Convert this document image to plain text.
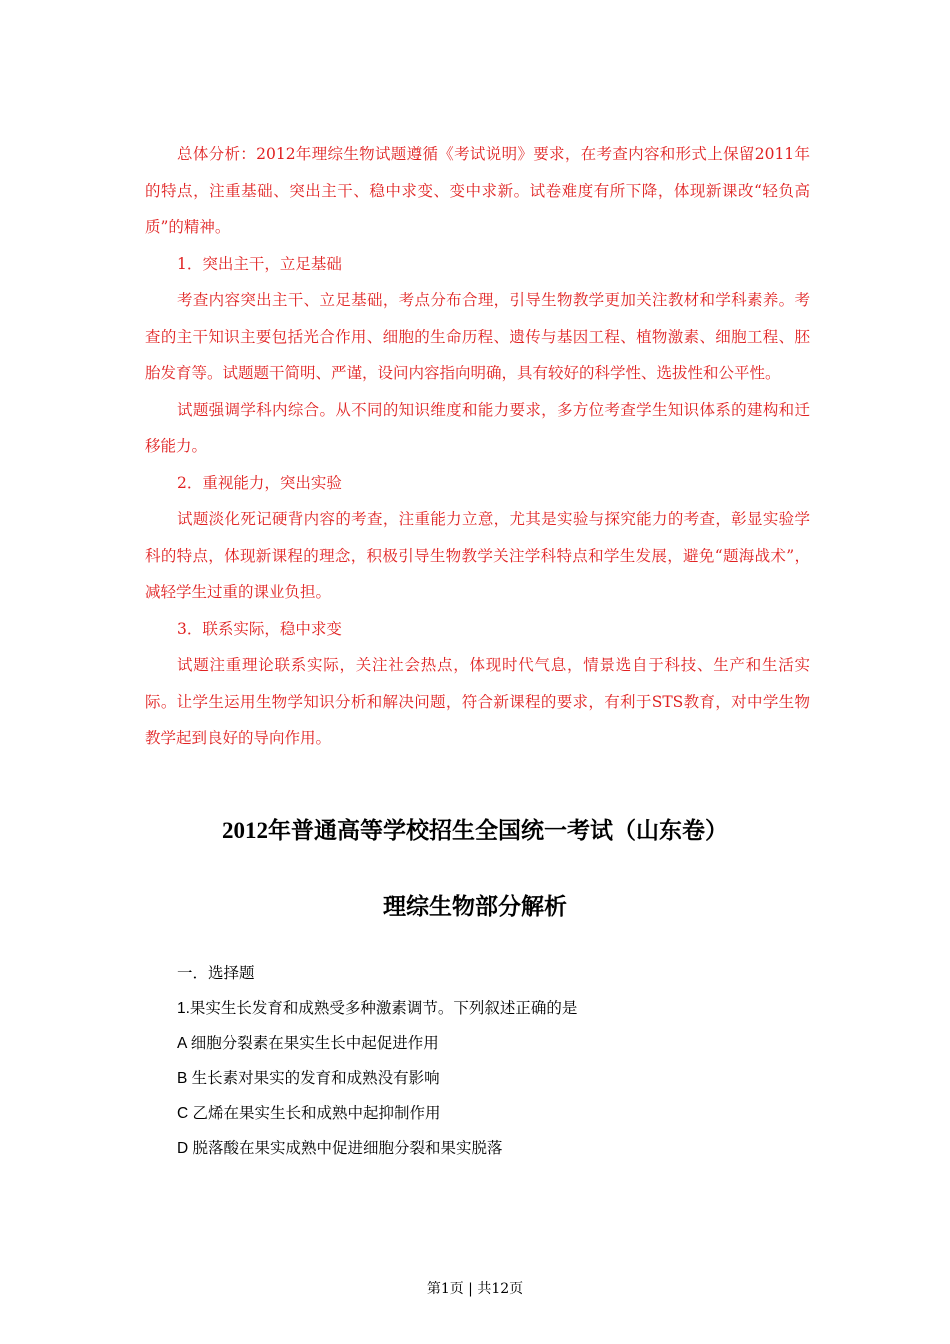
总体分析：2012年理综生物试题遵循《考试说明》要求，在考查内容和形式上保留2011年的特点，注重基础、突出主干、稳中求变、变中求新。试卷难度有所下降，体现新课改“轻负高质”的精神。

1．突出主干，立足基础

考查内容突出主干、立足基础，考点分布合理，引导生物教学更加关注教材和学科素养。考查的主干知识主要包括光合作用、细胞的生命历程、遗传与基因工程、植物激素、细胞工程、胚胎发育等。试题题干简明、严谨，设问内容指向明确，具有较好的科学性、选拔性和公平性。

试题强调学科内综合。从不同的知识维度和能力要求，多方位考查学生知识体系的建构和迁移能力。

2．重视能力，突出实验

试题淡化死记硬背内容的考查，注重能力立意，尤其是实验与探究能力的考查，彰显实验学科的特点，体现新课程的理念，积极引导生物教学关注学科特点和学生发展，避免“题海战术”，减轻学生过重的课业负担。

3．联系实际，稳中求变

试题注重理论联系实际，关注社会热点，体现时代气息，情景选自于科技、生产和生活实际。让学生运用生物学知识分析和解决问题，符合新课程的要求，有利于STS教育，对中学生物教学起到良好的导向作用。

2012年普通高等学校招生全国统一考试（山东卷）
理综生物部分解析

一．选择题

1.果实生长发育和成熟受多种激素调节。下列叙述正确的是

A 细胞分裂素在果实生长中起促进作用

B 生长素对果实的发育和成熟没有影响

C 乙烯在果实生长和成熟中起抑制作用

D 脱落酸在果实成熟中促进细胞分裂和果实脱落

第1页 | 共12页
